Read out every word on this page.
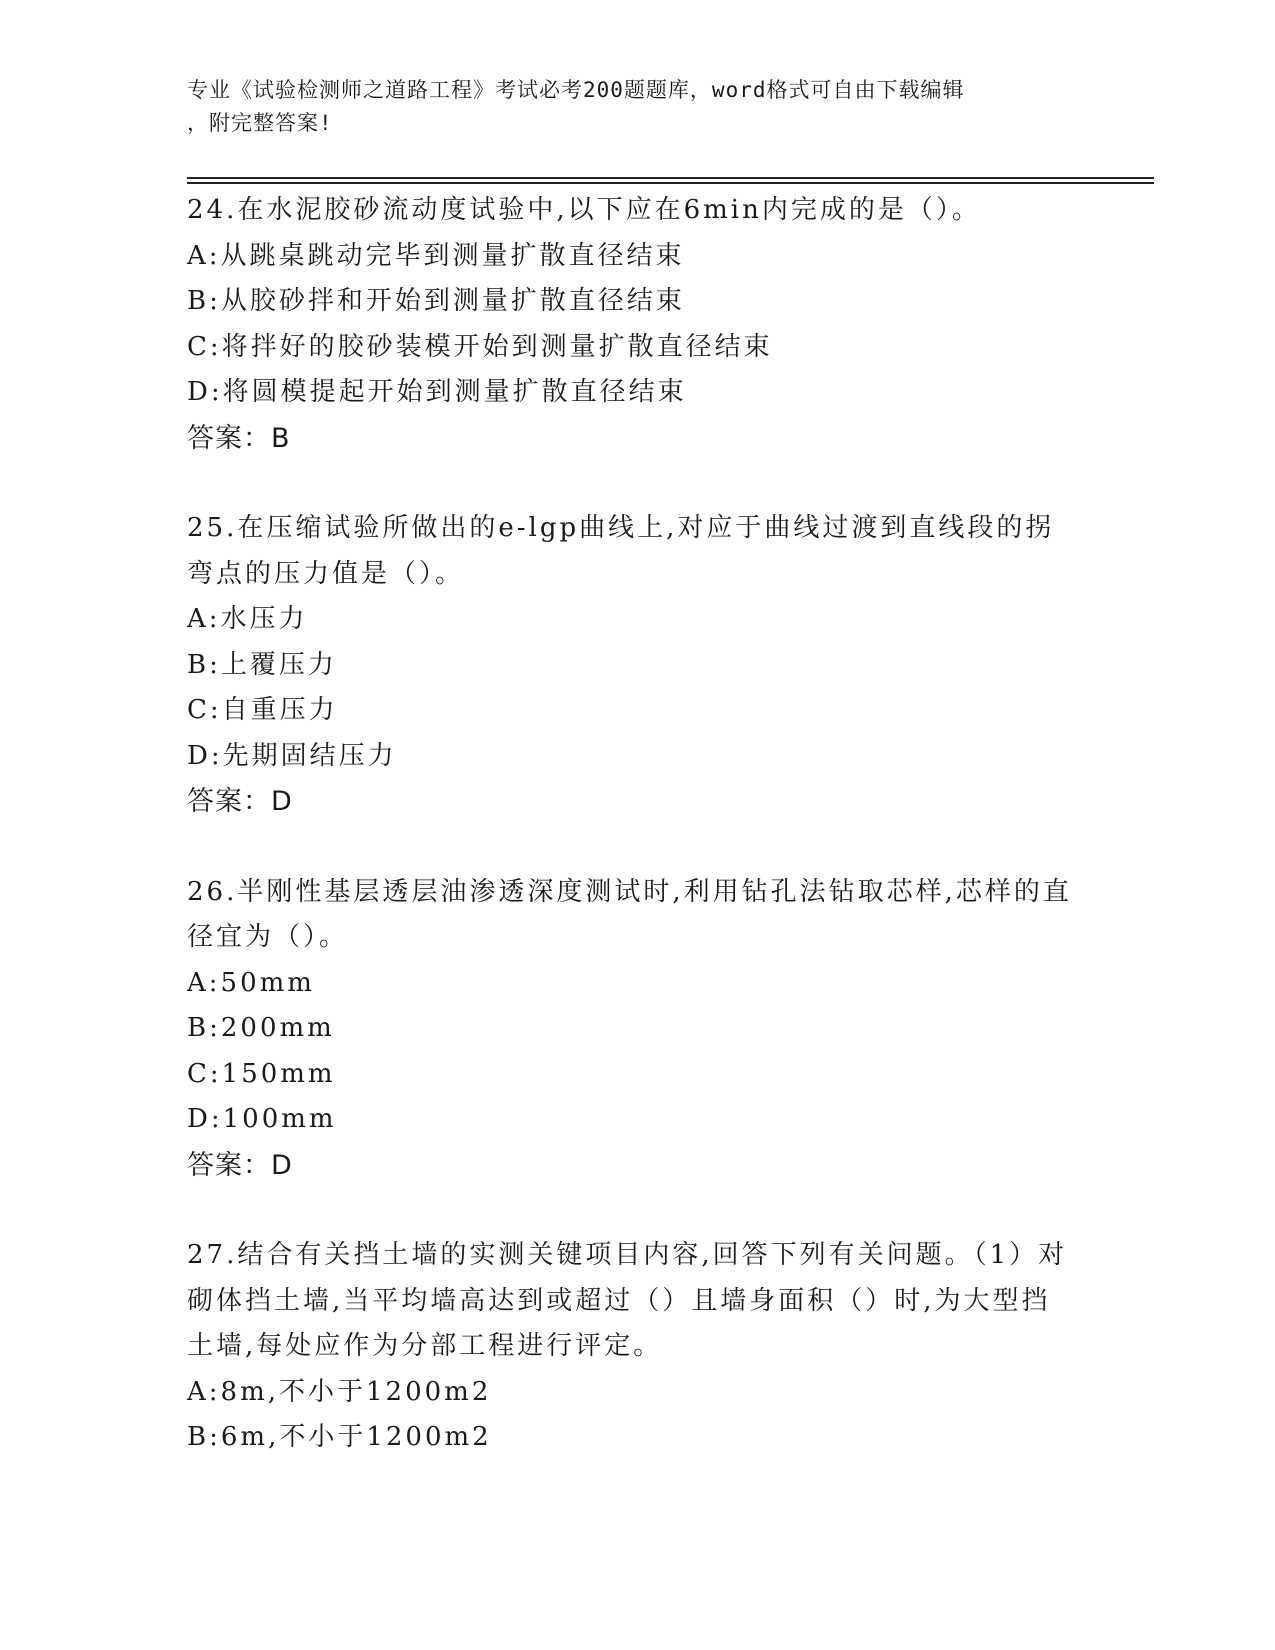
专业《试验检测师之道路工程》考试必考200题题库，word格式可自由下载编辑
，附完整答案!
24.在水泥胶砂流动度试验中,以下应在6min内完成的是（）。
A:从跳桌跳动完毕到测量扩散直径结束
B:从胶砂拌和开始到测量扩散直径结束
C:将拌好的胶砂装模开始到测量扩散直径结束
D:将圆模提起开始到测量扩散直径结束
答案：B
25.在压缩试验所做出的e-lgp曲线上,对应于曲线过渡到直线段的拐
弯点的压力值是（）。
A:水压力
B:上覆压力
C:自重压力
D:先期固结压力
答案：D
26.半刚性基层透层油渗透深度测试时,利用钻孔法钻取芯样,芯样的直
径宜为（）。
A:50mm
B:200mm
C:150mm
D:100mm
答案：D
27.结合有关挡土墙的实测关键项目内容,回答下列有关问题。（1）对
砌体挡土墙,当平均墙高达到或超过（）且墙身面积（）时,为大型挡
土墙,每处应作为分部工程进行评定。
A:8m,不小于1200m2
B:6m,不小于1200m2
